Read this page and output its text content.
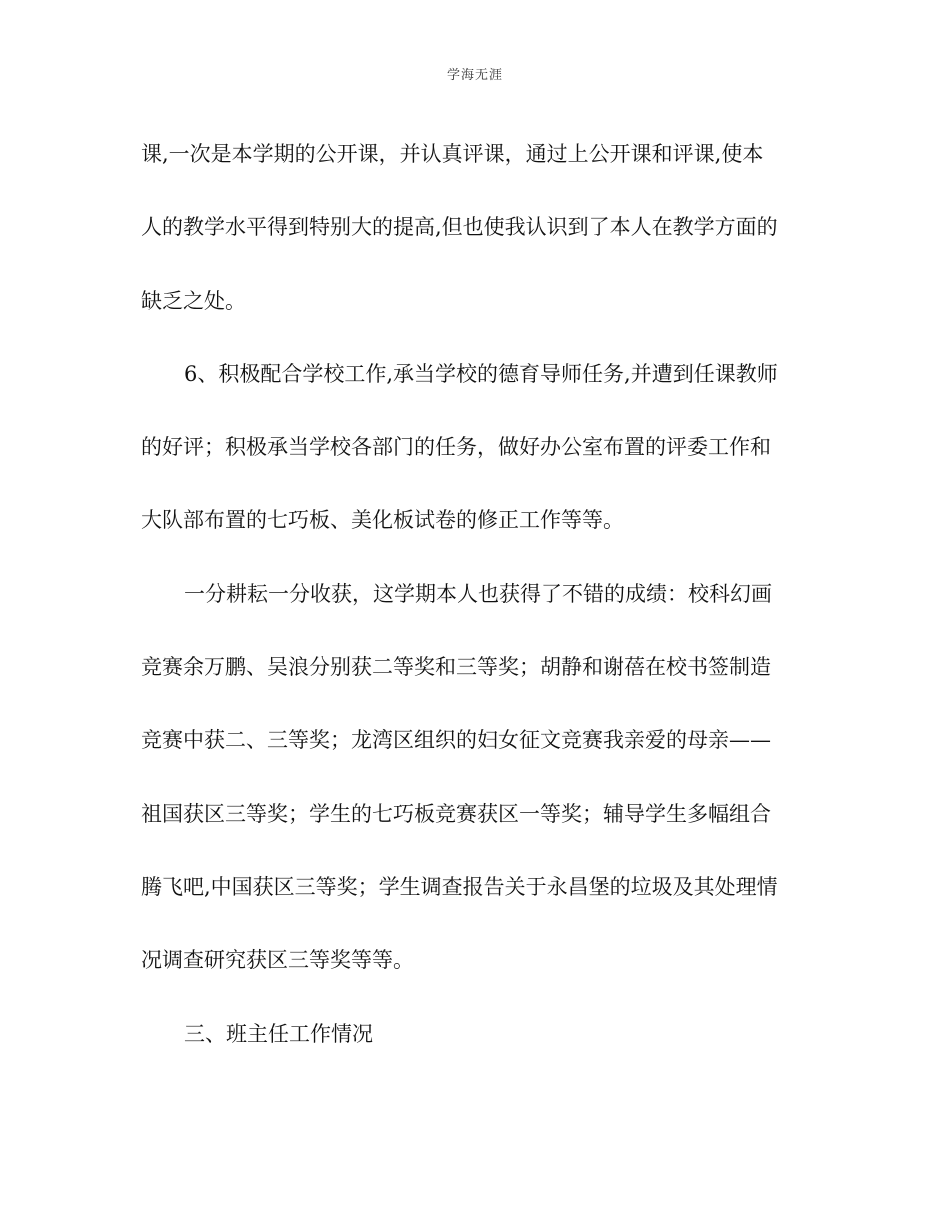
学海无涯
课,一次是本学期的公开课，并认真评课，通过上公开课和评课,使本
人的教学水平得到特别大的提高,但也使我认识到了本人在教学方面的
缺乏之处。
6、积极配合学校工作,承当学校的德育导师任务,并遭到任课教师
的好评；积极承当学校各部门的任务，做好办公室布置的评委工作和
大队部布置的七巧板、美化板试卷的修正工作等等。
一分耕耘一分收获，这学期本人也获得了不错的成绩：校科幻画
竞赛余万鹏、吴浪分别获二等奖和三等奖；胡静和谢蓓在校书签制造
竞赛中获二、三等奖；龙湾区组织的妇女征文竞赛我亲爱的母亲——
祖国获区三等奖；学生的七巧板竞赛获区一等奖；辅导学生多幅组合
腾飞吧,中国获区三等奖；学生调查报告关于永昌堡的垃圾及其处理情
况调查研究获区三等奖等等。
三、班主任工作情况
